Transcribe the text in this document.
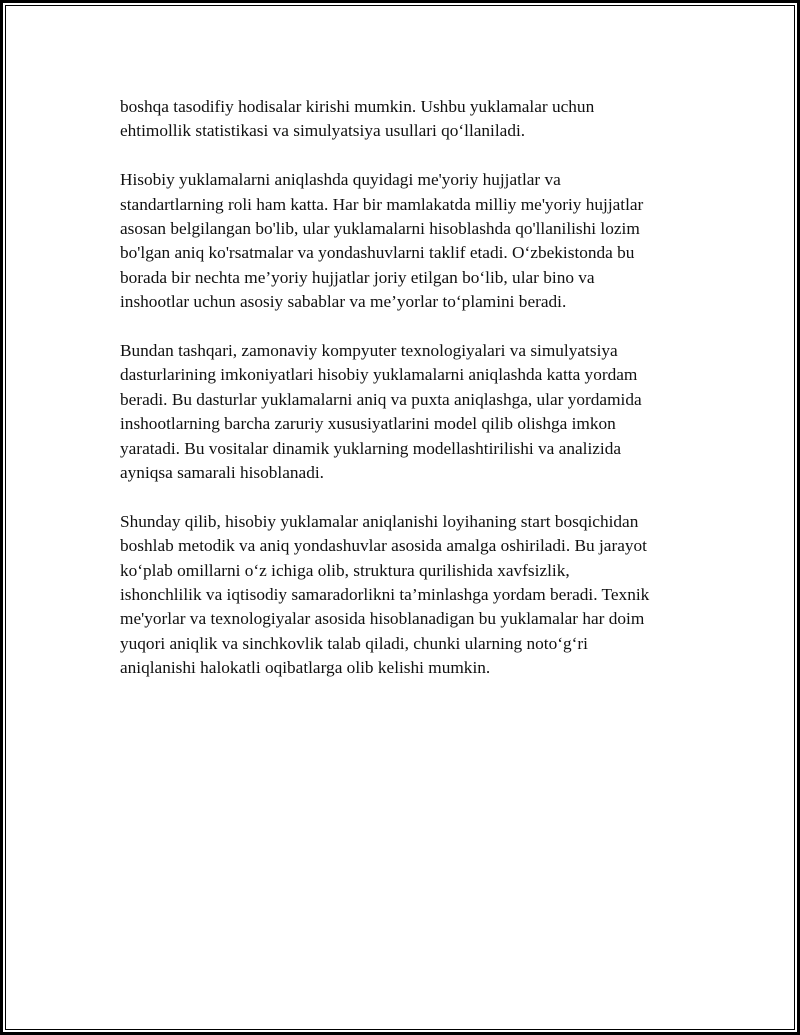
boshqa tasodifiy hodisalar kirishi mumkin. Ushbu yuklamalar uchun
ehtimollik statistikasi va simulyatsiya usullari qo‘llaniladi.

Hisobiy yuklamalarni aniqlashda quyidagi me'yoriy hujjatlar va
standartlarning roli ham katta. Har bir mamlakatda milliy me'yoriy hujjatlar
asosan belgilangan bo'lib, ular yuklamalarni hisoblashda qo'llanilishi lozim
bo'lgan aniq ko'rsatmalar va yondashuvlarni taklif etadi. O‘zbekistonda bu
borada bir nechta me’yoriy hujjatlar joriy etilgan bo‘lib, ular bino va
inshootlar uchun asosiy sabablar va me’yorlar to‘plamini beradi.

Bundan tashqari, zamonaviy kompyuter texnologiyalari va simulyatsiya
dasturlarining imkoniyatlari hisobiy yuklamalarni aniqlashda katta yordam
beradi. Bu dasturlar yuklamalarni aniq va puxta aniqlashga, ular yordamida
inshootlarning barcha zaruriy xususiyatlarini model qilib olishga imkon
yaratadi. Bu vositalar dinamik yuklarning modellashtirilishi va analizida
ayniqsa samarali hisoblanadi.

Shunday qilib, hisobiy yuklamalar aniqlanishi loyihaning start bosqichidan
boshlab metodik va aniq yondashuvlar asosida amalga oshiriladi. Bu jarayot
ko‘plab omillarni o‘z ichiga olib, struktura qurilishida xavfsizlik,
ishonchlilik va iqtisodiy samaradorlikni ta’minlashga yordam beradi. Texnik
me'yorlar va texnologiyalar asosida hisoblanadigan bu yuklamalar har doim
yuqori aniqlik va sinchkovlik talab qiladi, chunki ularning noto‘g‘ri
aniqlanishi halokatli oqibatlarga olib kelishi mumkin.
